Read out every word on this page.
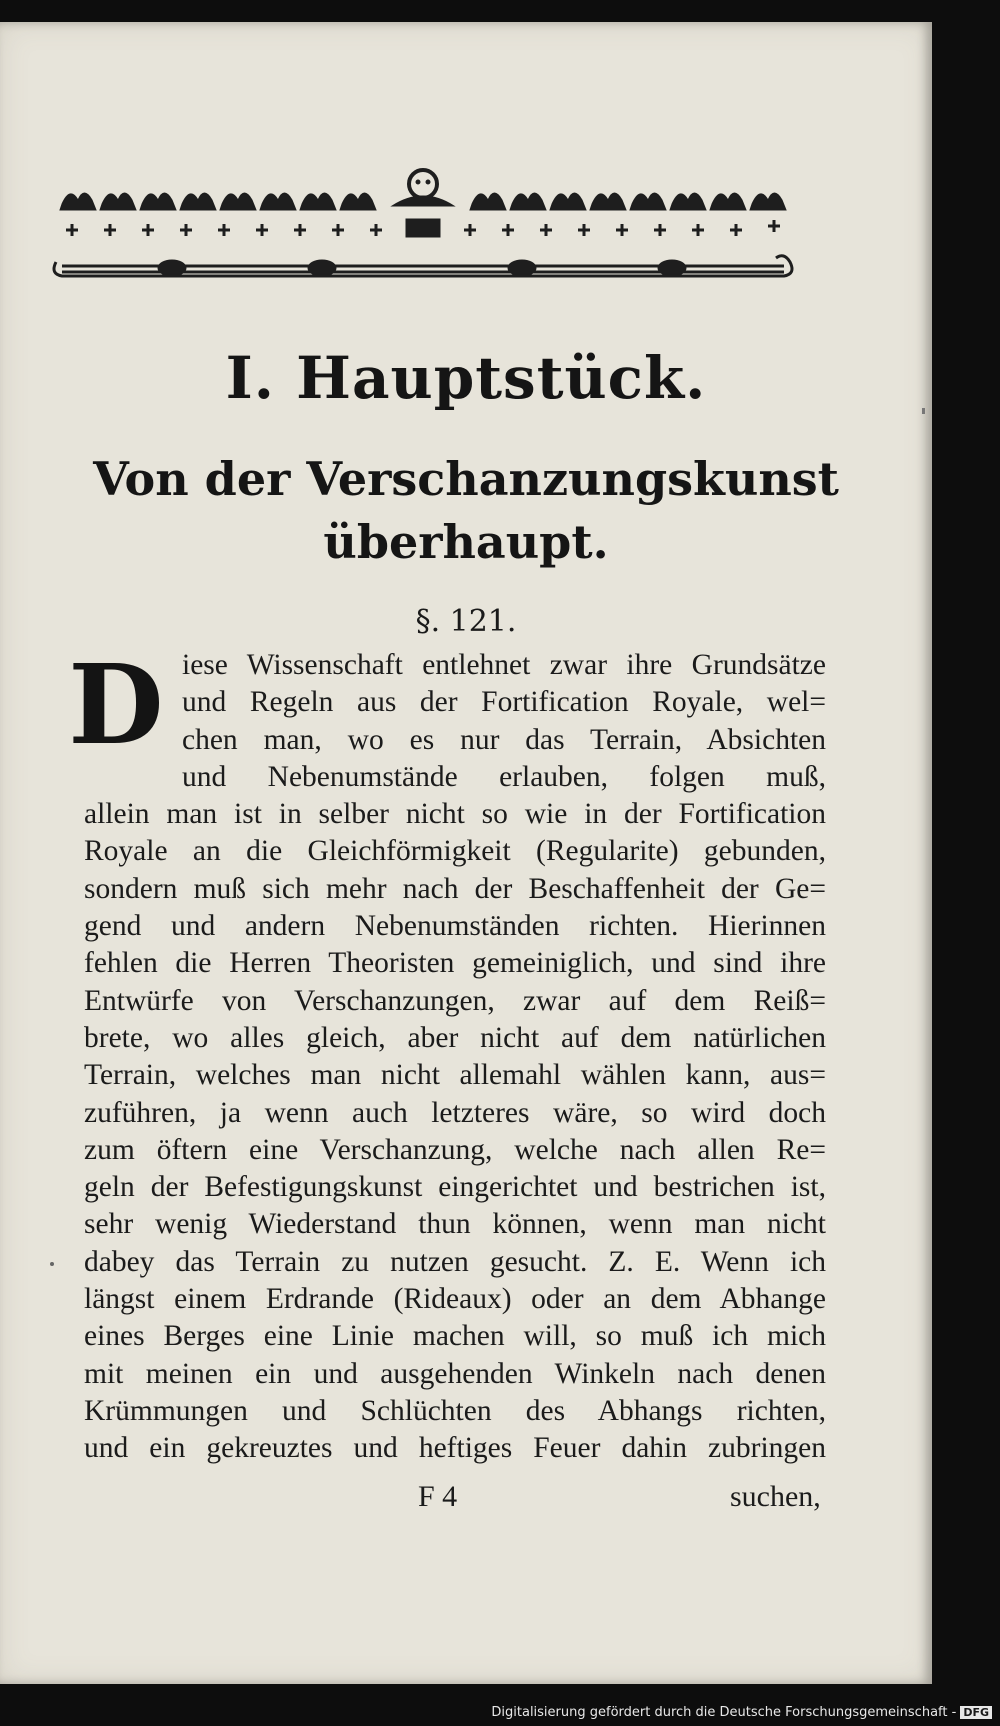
I. Hauptstück.
Von der Verschanzungskunst
überhaupt.
§. 121.
D iese Wissenschaft entlehnet zwar ihre Grundsätze
und Regeln aus der Fortification Royale, wel=
chen man, wo es nur das Terrain, Absichten
und Nebenumstände erlauben, folgen muß,
allein man ist in selber nicht so wie in der Fortification
Royale an die Gleichförmigkeit (Regularite) gebunden,
sondern muß sich mehr nach der Beschaffenheit der Ge=
gend und andern Nebenumständen richten. Hierinnen
fehlen die Herren Theoristen gemeiniglich, und sind ihre
Entwürfe von Verschanzungen, zwar auf dem Reiß=
brete, wo alles gleich, aber nicht auf dem natürlichen
Terrain, welches man nicht allemahl wählen kann, aus=
zuführen, ja wenn auch letzteres wäre, so wird doch
zum öftern eine Verschanzung, welche nach allen Re=
geln der Befestigungskunst eingerichtet und bestrichen ist,
sehr wenig Wiederstand thun können, wenn man nicht
dabey das Terrain zu nutzen gesucht. Z. E. Wenn ich
längst einem Erdrande (Rideaux) oder an dem Abhange
eines Berges eine Linie machen will, so muß ich mich
mit meinen ein und ausgehenden Winkeln nach denen
Krümmungen und Schlüchten des Abhangs richten,
und ein gekreuztes und heftiges Feuer dahin zubringen
F 4	suchen,
Digitalisierung gefördert durch die Deutsche Forschungsgemeinschaft - DFG
